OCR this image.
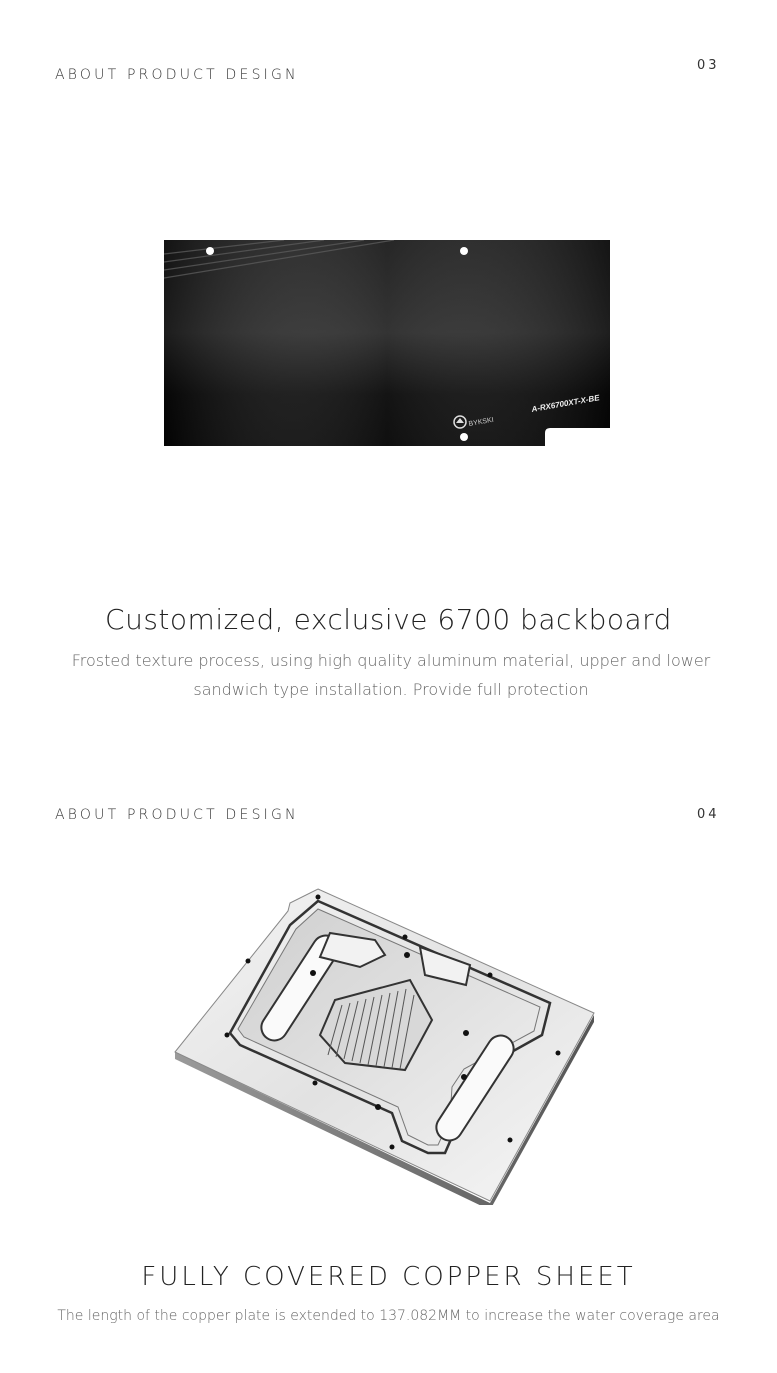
ABOUT PRODUCT DESIGN
03
BYKSKI
A-RX6700XT-X-BE
Customized, exclusive 6700 backboard
Frosted texture process, using high quality aluminum material, upper and lower sandwich type installation. Provide full protection
ABOUT PRODUCT DESIGN	04
FULLY COVERED COPPER SHEET
The length of the copper plate is extended to 137.082MM to increase the water coverage area
